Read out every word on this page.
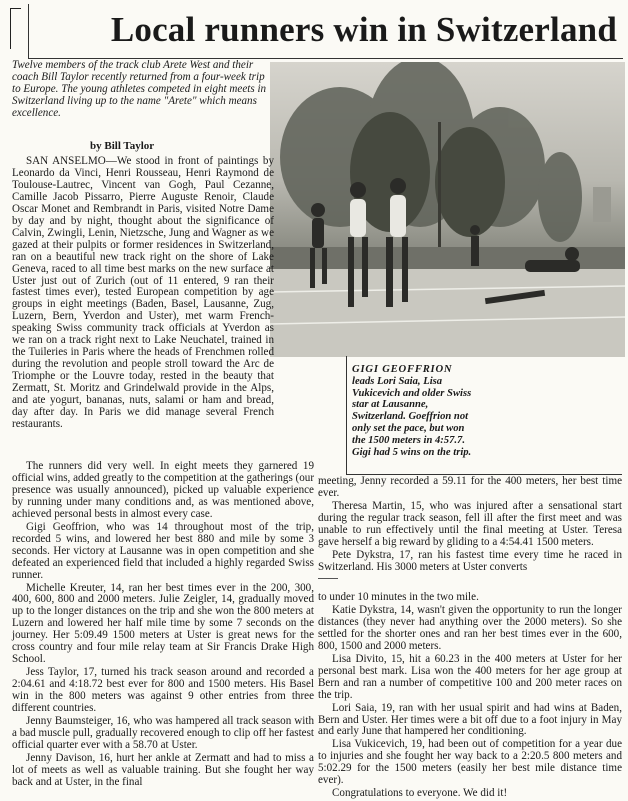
Local runners win in Switzerland

Twelve members of the track club Arete West and their coach Bill Taylor recently returned from a four-week trip to Europe. The young athletes competed in eight meets in Switzerland living up to the name "Arete" which means excellence.

by Bill Taylor
GIGI GEOFFRION leads Lori Saia, Lisa Vukicevich and older Swiss star at Lausanne, Switzerland. Goeffrion not only set the pace, but won the 1500 meters in 4:57.7. Gigi had 5 wins on the trip.

SAN ANSELMO—We stood in front of paintings by Leonardo da Vinci, Henri Rousseau, Henri Raymond de Toulouse-Lautrec, Vincent van Gogh, Paul Cezanne, Camille Jacob Pissarro, Pierre Auguste Renoir, Claude Oscar Monet and Rembrandt in Paris, visited Notre Dame by day and by night, thought about the significance of Calvin, Zwingli, Lenin, Nietzsche, Jung and Wagner as we gazed at their pulpits or former residences in Switzerland, ran on a beautiful new track right on the shore of Lake Geneva, raced to all time best marks on the new surface at Uster just out of Zurich (out of 11 entered, 9 ran their fastest times ever), tested European competition by age groups in eight meetings (Baden, Basel, Lausanne, Zug, Luzern, Bern, Yverdon and Uster), met warm French-speaking Swiss community track officials at Yverdon as we ran on a track right next to Lake Neuchatel, trained in the Tuileries in Paris where the heads of Frenchmen rolled during the revolution and people stroll toward the Arc de Triomphe or the Louvre today, rested in the beauty that Zermatt, St. Moritz and Grindelwald provide in the Alps, and ate yogurt, bananas, nuts, salami or ham and bread, day after day. In Paris we did manage several French restaurants.

The runners did very well. In eight meets they garnered 19 official wins, added greatly to the competition at the gatherings (our presence was usually announced), picked up valuable experience by running under many conditions and, as was mentioned above, achieved personal bests in almost every case.

Gigi Geoffrion, who was 14 throughout most of the trip, recorded 5 wins, and lowered her best 880 and mile by some 3 seconds. Her victory at Lausanne was in open competition and she defeated an experienced field that included a highly regarded Swiss runner.

Michelle Kreuter, 14, ran her best times ever in the 200, 300, 400, 600, 800 and 2000 meters. Julie Zeigler, 14, gradually moved up to the longer distances on the trip and she won the 800 meters at Luzern and lowered her half mile time by some 7 seconds on the journey. Her 5:09.49 1500 meters at Uster is great news for the cross country and four mile relay team at Sir Francis Drake High School.

Jess Taylor, 17, turned his track season around and recorded a 2:04.61 and 4:18.72 best ever for 800 and 1500 meters. His Basel win in the 800 meters was against 9 other entries from three different countries.

Jenny Baumsteiger, 16, who was hampered all track season with a bad muscle pull, gradually recovered enough to clip off her fastest official quarter ever with a 58.70 at Uster.

Jenny Davison, 16, hurt her ankle at Zermatt and had to miss a lot of meets as well as valuable training. But she fought her way back and at Uster, in the final

meeting, Jenny recorded a 59.11 for the 400 meters, her best time ever.

Theresa Martin, 15, who was injured after a sensational start during the regular track season, fell ill after the first meet and was unable to run effectively until the final meeting at Uster. Teresa gave herself a big reward by gliding to a 4:54.41 1500 meters.

Pete Dykstra, 17, ran his fastest time every time he raced in Switzerland. His 3000 meters at Uster converts

to under 10 minutes in the two mile.

Katie Dykstra, 14, wasn't given the opportunity to run the longer distances (they never had anything over the 2000 meters). So she settled for the shorter ones and ran her best times ever in the 600, 800, 1500 and 2000 meters.

Lisa Divito, 15, hit a 60.23 in the 400 meters at Uster for her personal best mark. Lisa won the 400 meters for her age group at Bern and ran a number of competitive 100 and 200 meter races on the trip.

Lori Saia, 19, ran with her usual spirit and had wins at Baden, Bern and Uster. Her times were a bit off due to a foot injury in May and early June that hampered her conditioning.

Lisa Vukicevich, 19, had been out of competition for a year due to injuries and she fought her way back to a 2:20.5 800 meters and 5:02.29 for the 1500 meters (easily her best mile distance time ever).

Congratulations to everyone. We did it!
